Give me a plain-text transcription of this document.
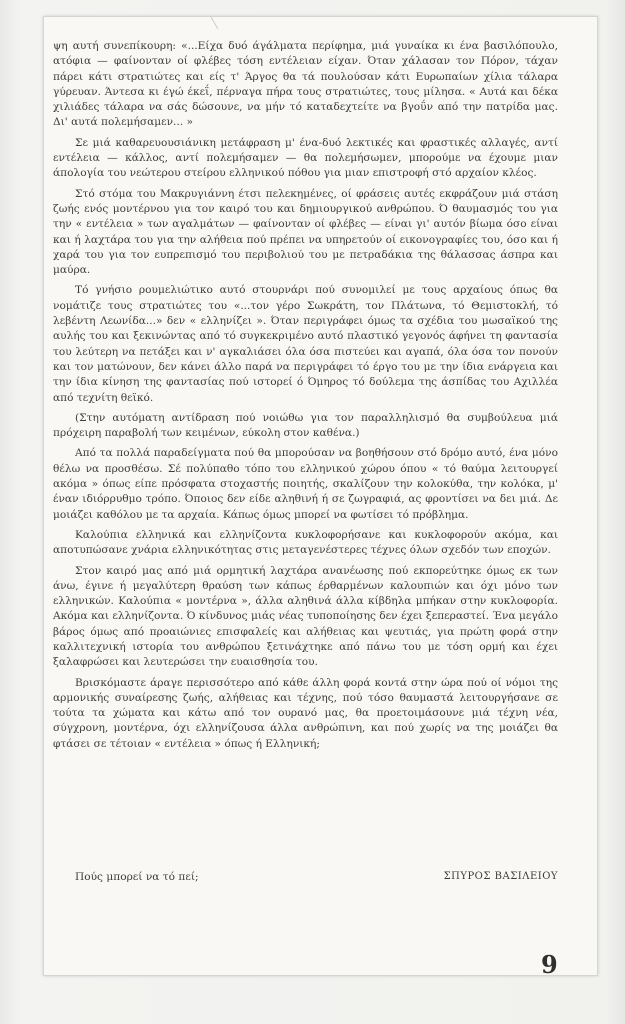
ψη αυτή συνεπίκουρη: «...Είχα δυό άγάλματα περίφημα, μιά γυναίκα κι ένα βασιλόπουλο, ατόφια — φαίνονταν οί φλέβες τόση εντέλειαν είχαν. Όταν χάλασαν τον Πόρον, τάχαν πάρει κάτι στρατιώτες και είς τ' Άργος θα τά πουλούσαν κάτι Ευρωπαίων χίλια τάλαρα γύρευαν. Άντεσα κι έγώ έκεΐ, πέρναγα πήρα τους στρατιώτες, τους μίλησα. « Αυτά και δέκα χιλιάδες τάλαρα να σάς δώσουνε, να μήν τό καταδεχτείτε να βγοΰν από την πατρίδα μας. Δι' αυτά πολεμήσαμεν... »

Σε μιά καθαρευουσιάνικη μετάφραση μ' ένα-δυό λεκτικές και φραστικές αλλαγές, αντί εντέλεια — κάλλος, αντί πολεμήσαμεν — θα πολεμήσωμεν, μπορούμε να έχουμε μιαν άπολογία του νεώτερου στείρου ελληνικού πόθου για μιαν επιστροφή στό αρχαίον κλέος.

Στό στόμα του Μακρυγιάννη έτσι πελεκημένες, οί φράσεις αυτές εκφράζουν μιά στάση ζωής ενός μοντέρνου για τον καιρό του και δημιουργικού ανθρώπου. Ό θαυμασμός του για την « εντέλεια » των αγαλμάτων — φαίνονταν οί φλέβες — είναι γι' αυτόν βίωμα όσο είναι και ή λαχτάρα του για την αλήθεια πού πρέπει να υπηρετούν οί εικονογραφίες του, όσο και ή χαρά του για τον ευπρεπισμό του περιβολιού του με πετραδάκια της θάλασσας άσπρα και μαύρα.

Τό γνήσιο ρουμελιώτικο αυτό στουρνάρι πού συνομιλεί με τους αρχαίους όπως θα νομάτιζε τους στρατιώτες του «...τον γέρο Σωκράτη, τον Πλάτωνα, τό Θεμιστοκλή, τό λεβέντη Λεωνίδα...» δεν « ελληνίζει ». Όταν περιγράφει όμως τα σχέδια του μωσαϊκού της αυλής του και ξεκινώντας από τό συγκεκριμένο αυτό πλαστικό γεγονός άφήνει τη φαντασία του λεύτερη να πετάξει και ν' αγκαλιάσει όλα όσα πιστεύει και αγαπά, όλα όσα τον πονούν και τον ματώνουν, δεν κάνει άλλο παρά να περιγράφει τό έργο του με την ίδια ενάργεια και την ίδια κίνηση της φαντασίας πού ιστορεί ό Όμηρος τό δούλεμα της άσπίδας του Αχιλλέα από τεχνίτη θεϊκό.

(Στην αυτόματη αντίδραση πού νοιώθω για τον παραλληλισμό θα συμβούλευα μιά πρόχειρη παραβολή των κειμένων, εύκολη στον καθένα.)

Από τα πολλά παραδείγματα πού θα μπορούσαν να βοηθήσουν στό δρόμο αυτό, ένα μόνο θέλω να προσθέσω. Σέ πολύπαθο τόπο του ελληνικού χώρου όπου « τό θαύμα λειτουργεί ακόμα » όπως είπε πρόσφατα στοχαστής ποιητής, σκαλίζουν την κολοκύθα, την κολόκα, μ' έναν ιδιόρρυθμο τρόπο. Όποιος δεν είδε αληθινή ή σε ζωγραφιά, ας φροντίσει να δει μιά. Δε μοιάζει καθόλου με τα αρχαία. Κάπως όμως μπορεί να φωτίσει τό πρόβλημα.

Καλούπια ελληνικά και ελληνίζοντα κυκλοφορήσανε και κυκλοφορούν ακόμα, και αποτυπώσανε χνάρια ελληνικότητας στις μεταγενέστερες τέχνες όλων σχεδόν των εποχών.

Στον καιρό μας από μιά ορμητική λαχτάρα ανανέωσης πού εκπορεύτηκε όμως εκ των άνω, έγινε ή μεγαλύτερη θραύση των κάπως έρθαρμένων καλουπιών και όχι μόνο των ελληνικών. Καλούπια « μοντέρνα », άλλα αληθινά άλλα κίβδηλα μπήκαν στην κυκλοφορία. Ακόμα και ελληνίζοντα. Ό κίνδυνος μιάς νέας τυποποίησης δεν έχει ξεπεραστεί. Ένα μεγάλο βάρος όμως από προαιώνιες επισφαλείς και αλήθειας και ψευτιάς, για πρώτη φορά στην καλλιτεχνική ιστορία του ανθρώπου ξετινάχτηκε από πάνω του με τόση ορμή και έχει ξαλαφρώσει και λευτερώσει την ευαισθησία του.

Βρισκόμαστε άραγε περισσότερο από κάθε άλλη φορά κοντά στην ώρα πού οί νόμοι της αρμονικής συναίρεσης ζωής, αλήθειας και τέχνης, πού τόσο θαυμαστά λειτουργήσανε σε τούτα τα χώματα και κάτω από τον ουρανό μας, θα προετοιμάσουνε μιά τέχνη νέα, σύγχρονη, μοντέρνα, όχι ελληνίζουσα άλλα ανθρώπινη, και πού χωρίς να της μοιάζει θα φτάσει σε τέτοιαν « εντέλεια » όπως ή Ελληνική;

Πούς μπορεί να τό πεί;	ΣΠΥΡΟΣ ΒΑΣΙΛΕΙΟΥ
9
